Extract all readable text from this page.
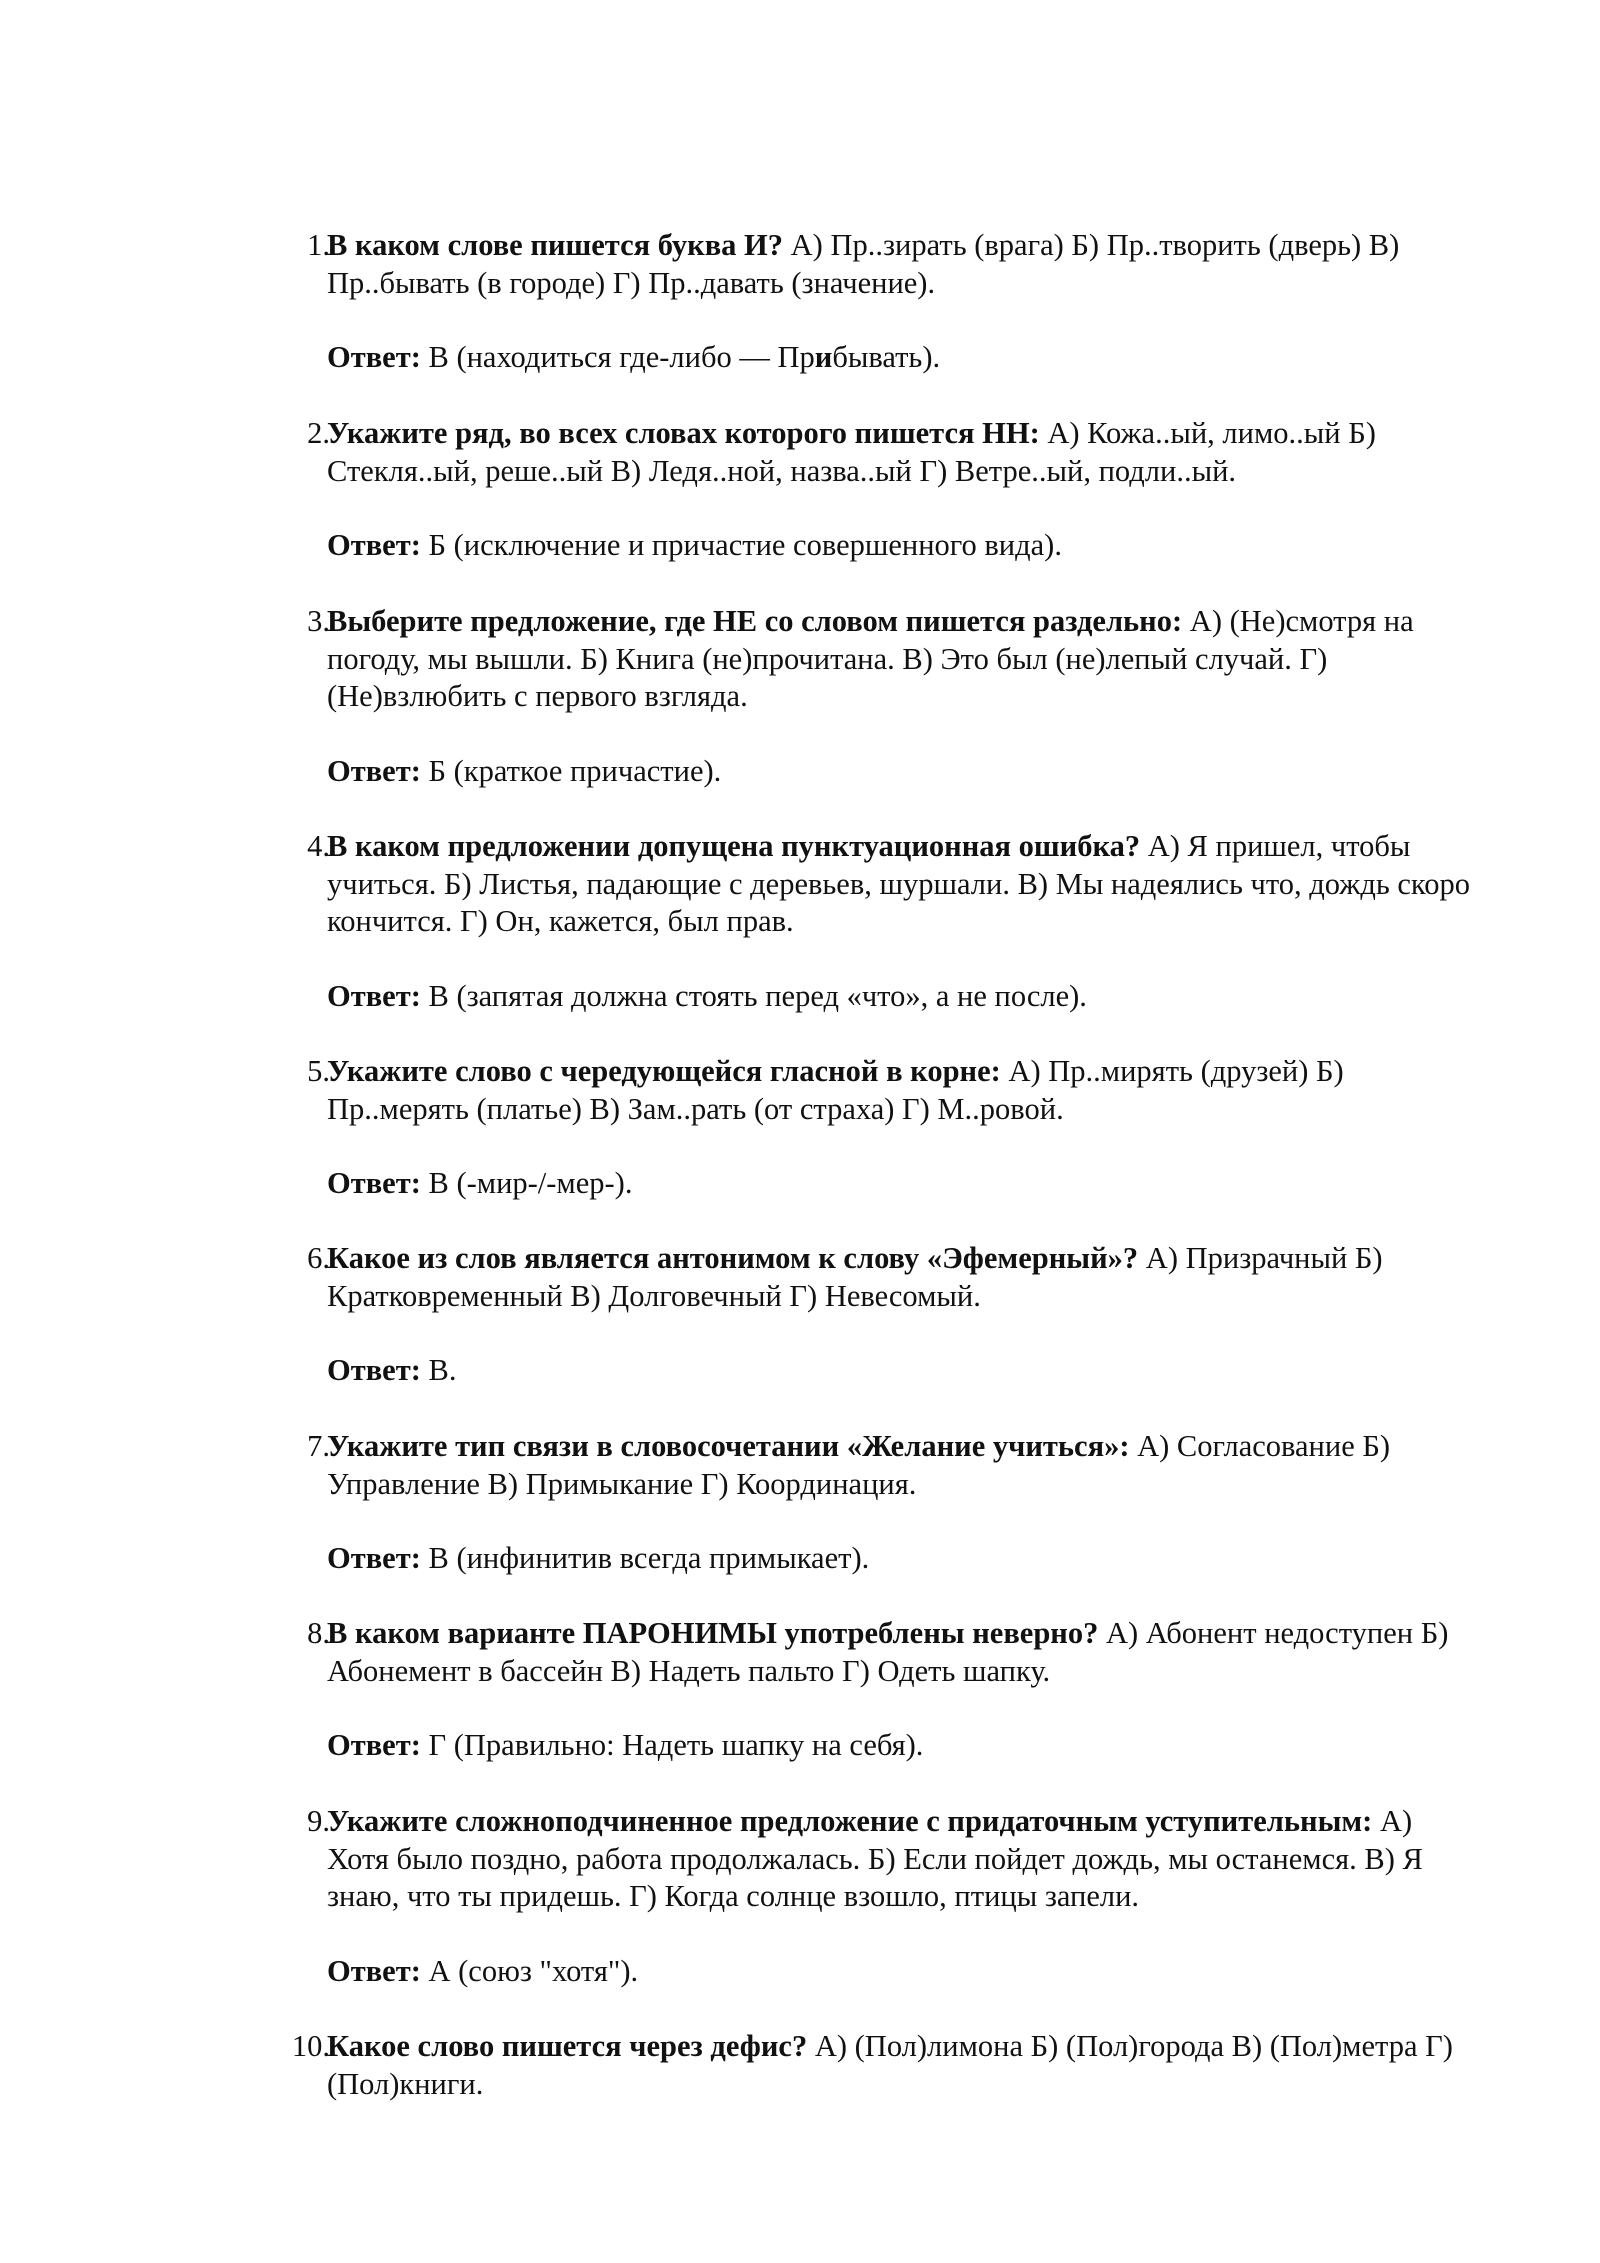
1.

В каком слове пишется буква И? А) Пр..зирать (врага) Б) Пр..творить (дверь) В) Пр..бывать (в городе) Г) Пр..давать (значение).

Ответ: В (находиться где-либо — Прибывать).

2.

Укажите ряд, во всех словах которого пишется НН: А) Кожа..ый, лимо..ый Б) Стекля..ый, реше..ый В) Ледя..ной, назва..ый Г) Ветре..ый, подли..ый.

Ответ: Б (исключение и причастие совершенного вида).

3.

Выберите предложение, где НЕ со словом пишется раздельно: А) (Не)смотря на погоду, мы вышли. Б) Книга (не)прочитана. В) Это был (не)лепый случай. Г) (Не)взлюбить с первого взгляда.

Ответ: Б (краткое причастие).

4.

В каком предложении допущена пунктуационная ошибка? А) Я пришел, чтобы учиться. Б) Листья, падающие с деревьев, шуршали. В) Мы надеялись что, дождь скоро кончится. Г) Он, кажется, был прав.

Ответ: В (запятая должна стоять перед «что», а не после).

5.

Укажите слово с чередующейся гласной в корне: А) Пр..мирять (друзей) Б) Пр..мерять (платье) В) Зам..рать (от страха) Г) М..ровой.

Ответ: В (-мир-/-мер-).

6.

Какое из слов является антонимом к слову «Эфемерный»? А) Призрачный Б) Кратковременный В) Долговечный Г) Невесомый.

Ответ: В.

7.

Укажите тип связи в словосочетании «Желание учиться»: А) Согласование Б) Управление В) Примыкание Г) Координация.

Ответ: В (инфинитив всегда примыкает).

8.

В каком варианте ПАРОНИМЫ употреблены неверно? А) Абонент недоступен Б) Абонемент в бассейн В) Надеть пальто Г) Одеть шапку.

Ответ: Г (Правильно: Надеть шапку на себя).

9.

Укажите сложноподчиненное предложение с придаточным уступительным: А) Хотя было поздно, работа продолжалась. Б) Если пойдет дождь, мы останемся. В) Я знаю, что ты придешь. Г) Когда солнце взошло, птицы запели.

Ответ: А (союз "хотя").

10.

Какое слово пишется через дефис? А) (Пол)лимона Б) (Пол)города В) (Пол)метра Г) (Пол)книги.
